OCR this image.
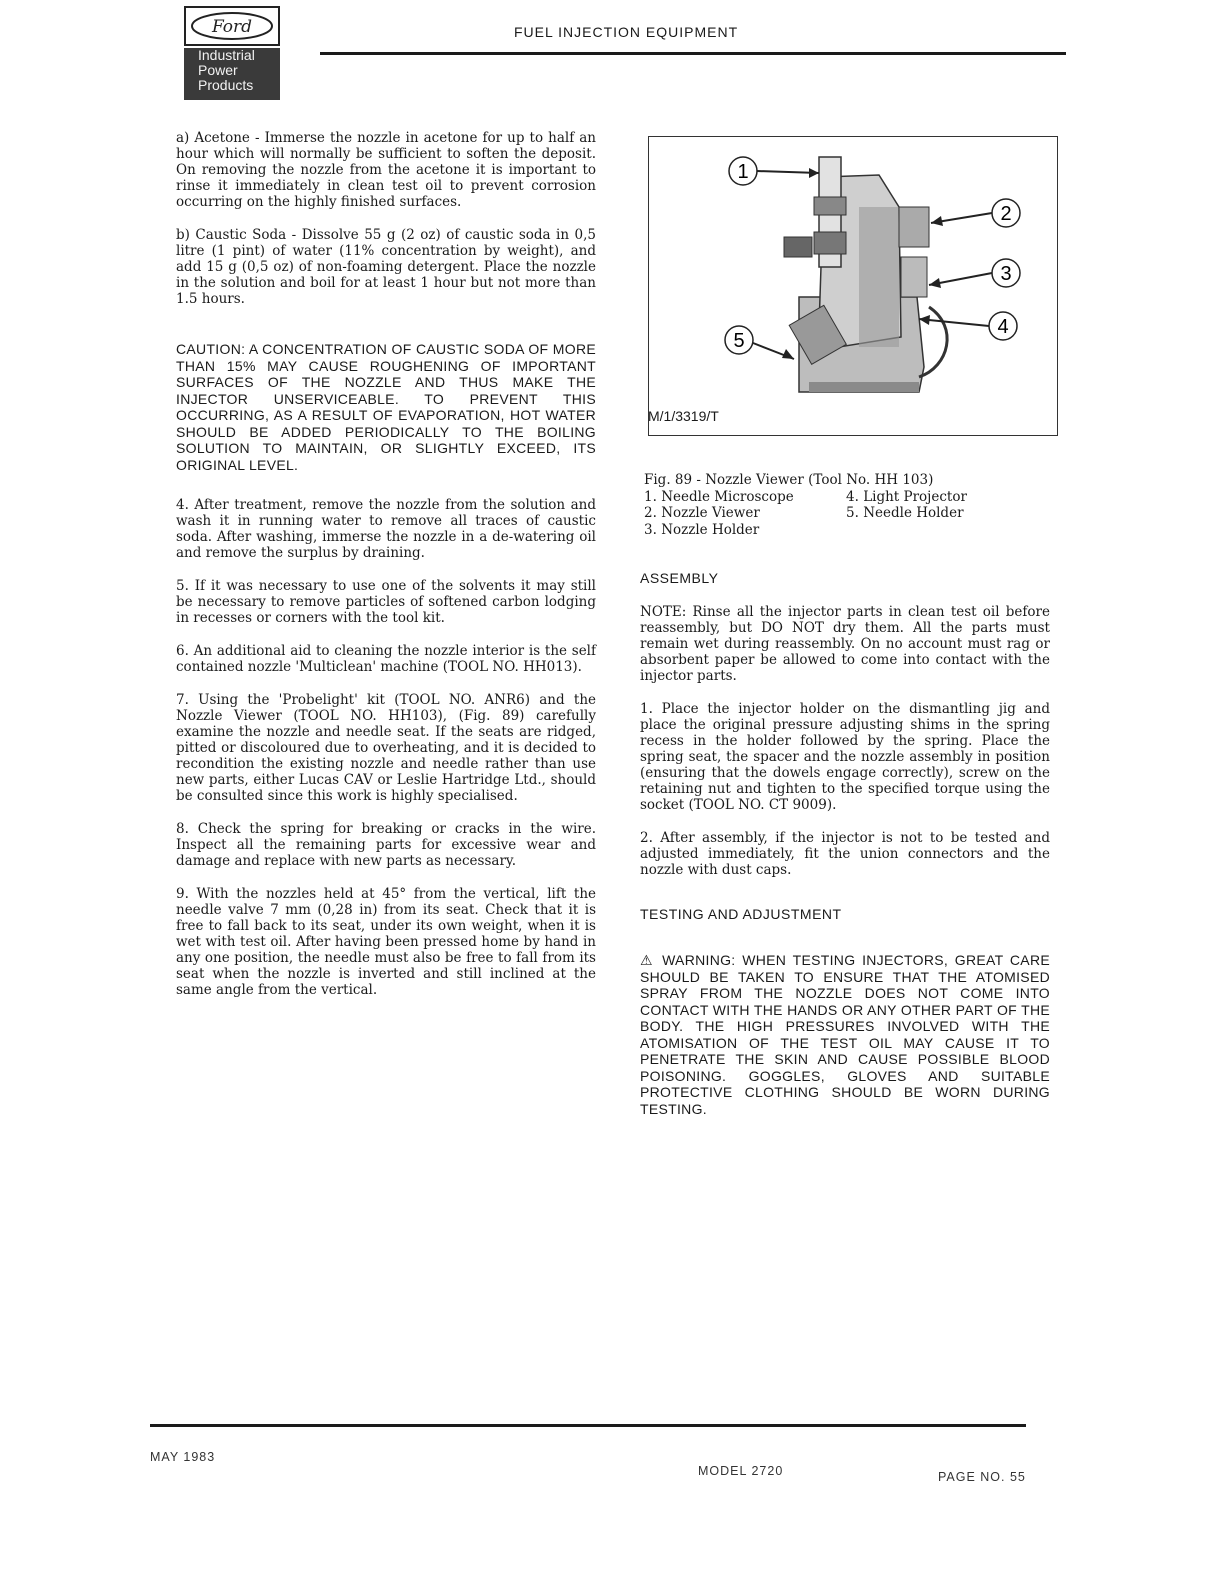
Ford
Industrial
Power
Products
FUEL INJECTION EQUIPMENT

a) Acetone - Immerse the nozzle in acetone for up to half an hour which will normally be sufficient to soften the deposit. On removing the nozzle from the acetone it is important to rinse it immediately in clean test oil to prevent corrosion occurring on the highly finished surfaces.

b) Caustic Soda - Dissolve 55 g (2 oz) of caustic soda in 0,5 litre (1 pint) of water (11% concentration by weight), and add 15 g (0,5 oz) of non-foaming detergent. Place the nozzle in the solution and boil for at least 1 hour but not more than 1.5 hours.

CAUTION: A CONCENTRATION OF CAUSTIC SODA OF MORE THAN 15% MAY CAUSE ROUGHENING OF IMPORTANT SURFACES OF THE NOZZLE AND THUS MAKE THE INJECTOR UNSERVICEABLE. TO PREVENT THIS OCCURRING, AS A RESULT OF EVAPORATION, HOT WATER SHOULD BE ADDED PERIODICALLY TO THE BOILING SOLUTION TO MAINTAIN, OR SLIGHTLY EXCEED, ITS ORIGINAL LEVEL.

4. After treatment, remove the nozzle from the solution and wash it in running water to remove all traces of caustic soda. After washing, immerse the nozzle in a de-watering oil and remove the surplus by draining.

5. If it was necessary to use one of the solvents it may still be necessary to remove particles of softened carbon lodging in recesses or corners with the tool kit.

6. An additional aid to cleaning the nozzle interior is the self contained nozzle 'Multiclean' machine (TOOL NO. HH013).

7. Using the 'Probelight' kit (TOOL NO. ANR6) and the Nozzle Viewer (TOOL NO. HH103), (Fig. 89) carefully examine the nozzle and needle seat. If the seats are ridged, pitted or discoloured due to overheating, and it is decided to recondition the existing nozzle and needle rather than use new parts, either Lucas CAV or Leslie Hartridge Ltd., should be consulted since this work is highly specialised.

8. Check the spring for breaking or cracks in the wire. Inspect all the remaining parts for excessive wear and damage and replace with new parts as necessary.

9. With the nozzles held at 45° from the vertical, lift the needle valve 7 mm (0,28 in) from its seat. Check that it is free to fall back to its seat, under its own weight, when it is wet with test oil. After having been pressed home by hand in any one position, the needle must also be free to fall from its seat when the nozzle is inverted and still inclined at the same angle from the vertical.

1
2
3
4
5
M/1/3319/T
Fig. 89 - Nozzle Viewer (Tool No. HH 103)
1. Needle Microscope	4. Light Projector
2. Nozzle Viewer	5. Needle Holder
3. Nozzle Holder
ASSEMBLY

NOTE: Rinse all the injector parts in clean test oil before reassembly, but DO NOT dry them. All the parts must remain wet during reassembly. On no account must rag or absorbent paper be allowed to come into contact with the injector parts.

1. Place the injector holder on the dismantling jig and place the original pressure adjusting shims in the spring recess in the holder followed by the spring. Place the spring seat, the spacer and the nozzle assembly in position (ensuring that the dowels engage correctly), screw on the retaining nut and tighten to the specified torque using the socket (TOOL NO. CT 9009).

2. After assembly, if the injector is not to be tested and adjusted immediately, fit the union connectors and the nozzle with dust caps.

TESTING AND ADJUSTMENT

⚠ WARNING: WHEN TESTING INJECTORS, GREAT CARE SHOULD BE TAKEN TO ENSURE THAT THE ATOMISED SPRAY FROM THE NOZZLE DOES NOT COME INTO CONTACT WITH THE HANDS OR ANY OTHER PART OF THE BODY. THE HIGH PRESSURES INVOLVED WITH THE ATOMISATION OF THE TEST OIL MAY CAUSE IT TO PENETRATE THE SKIN AND CAUSE POSSIBLE BLOOD POISONING. GOGGLES, GLOVES AND SUITABLE PROTECTIVE CLOTHING SHOULD BE WORN DURING TESTING.

MAY 1983
MODEL 2720	PAGE NO. 55
